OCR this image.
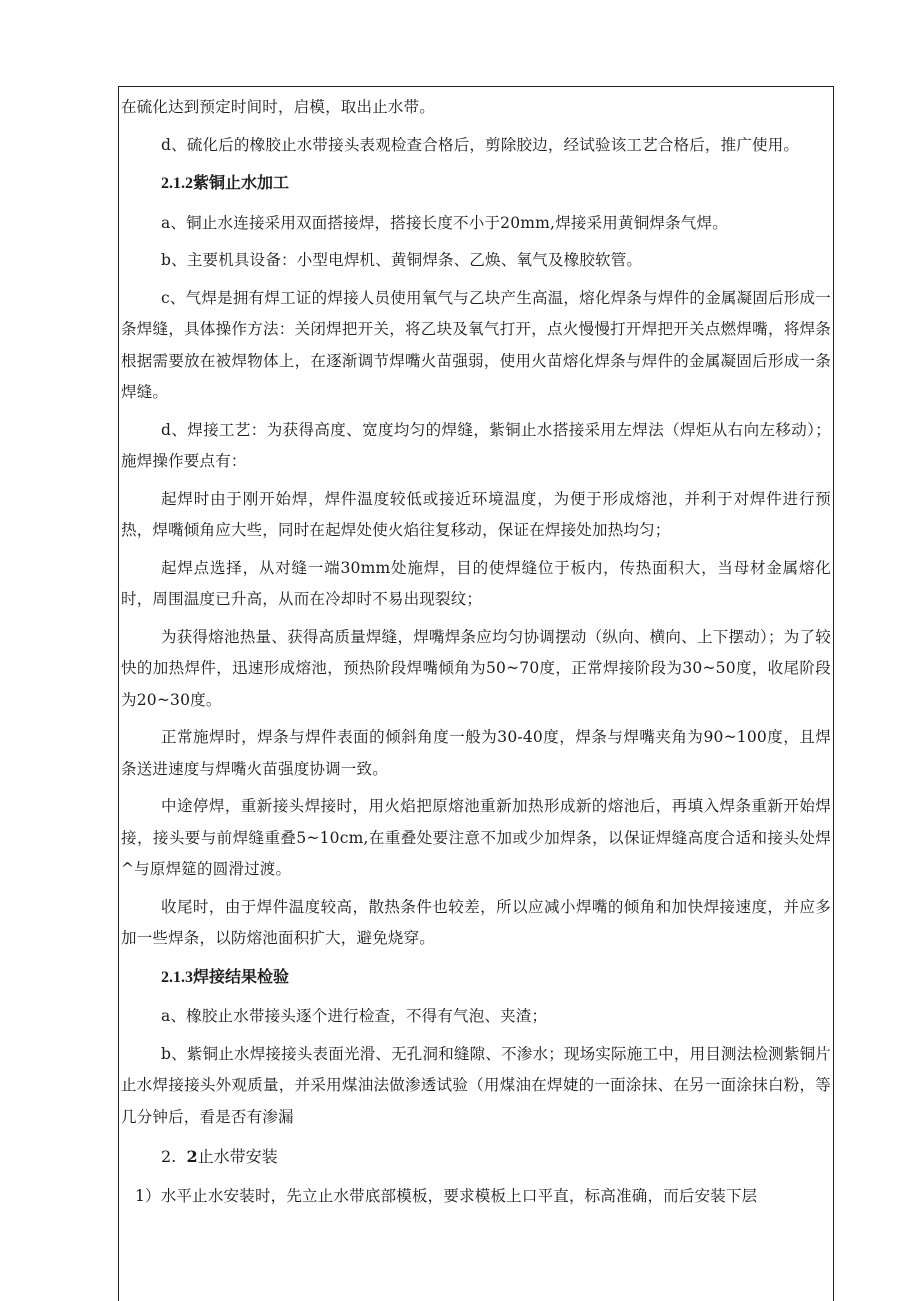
在硫化达到预定时间时，启模，取出止水带。

d、硫化后的橡胶止水带接头表观检查合格后，剪除胶边，经试验该工艺合格后，推广使用。

2.1.2紫铜止水加工

a、铜止水连接采用双面搭接焊，搭接长度不小于20mm,焊接采用黄铜焊条气焊。

b、主要机具设备：小型电焊机、黄铜焊条、乙焕、氧气及橡胶软管。

c、气焊是拥有焊工证的焊接人员使用氧气与乙块产生高温，熔化焊条与焊件的金属凝固后形成一条焊缝，具体操作方法：关闭焊把开关，将乙块及氧气打开，点火慢慢打开焊把开关点燃焊嘴，将焊条根据需要放在被焊物体上，在逐渐调节焊嘴火苗强弱，使用火苗熔化焊条与焊件的金属凝固后形成一条焊缝。

d、焊接工艺：为获得高度、宽度均匀的焊缝，紫铜止水搭接采用左焊法（焊炬从右向左移动）；施焊操作要点有：

起焊时由于刚开始焊，焊件温度较低或接近环境温度，为便于形成熔池，并利于对焊件进行预热，焊嘴倾角应大些，同时在起焊处使火焰往复移动，保证在焊接处加热均匀；

起焊点选择，从对缝一端30mm处施焊，目的使焊缝位于板内，传热面积大，当母材金属熔化时，周围温度已升高，从而在冷却时不易出现裂纹；

为获得熔池热量、获得高质量焊缝，焊嘴焊条应均匀协调摆动（纵向、横向、上下摆动）；为了较快的加热焊件，迅速形成熔池，预热阶段焊嘴倾角为50~70度，正常焊接阶段为30~50度，收尾阶段为20~30度。

正常施焊时，焊条与焊件表面的倾斜角度一般为30-40度，焊条与焊嘴夹角为90~100度，且焊条送进速度与焊嘴火苗强度协调一致。

中途停焊，重新接头焊接时，用火焰把原熔池重新加热形成新的熔池后，再填入焊条重新开始焊接，接头要与前焊缝重叠5~10cm,在重叠处要注意不加或少加焊条，以保证焊缝高度合适和接头处焊^与原焊筵的圆滑过渡。

收尾时，由于焊件温度较高，散热条件也较差，所以应减小焊嘴的倾角和加快焊接速度，并应多加一些焊条，以防熔池面积扩大，避免烧穿。

2.1.3焊接结果检验

a、橡胶止水带接头逐个进行检查，不得有气泡、夹渣；

b、紫铜止水焊接接头表面光滑、无孔洞和缝隙、不渗水；现场实际施工中，用目测法检测紫铜片止水焊接接头外观质量，并采用煤油法做渗透试验（用煤油在焊婕的一面涂抹、在另一面涂抹白粉，等几分钟后，看是否有渗漏

2. 2止水带安装

1）水平止水安装时，先立止水带底部模板，要求模板上口平直，标高准确，而后安装下层
